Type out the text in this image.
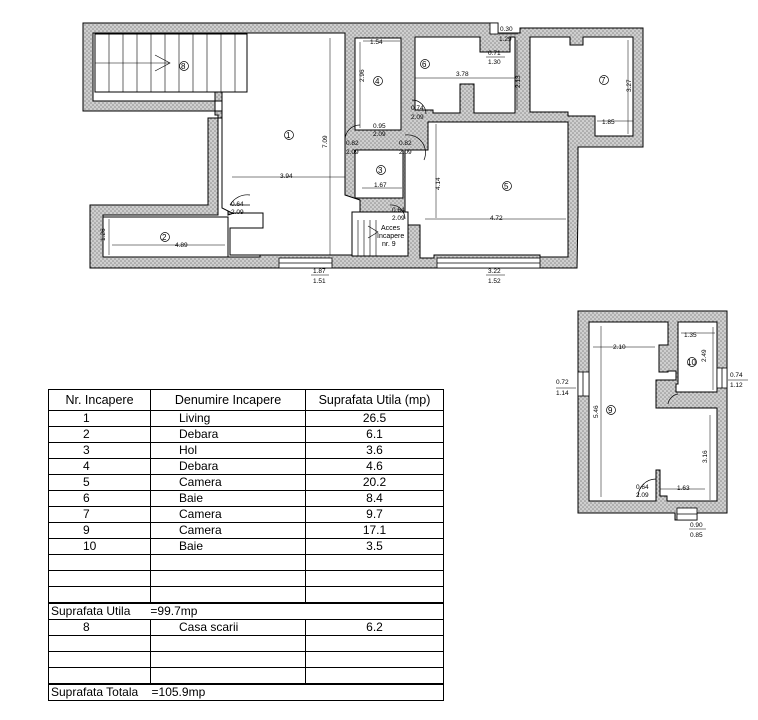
8
1
2
3
4
5
6
7
0.30
1.29
0.71
1.30
1.54
3.78
2.13	3.27
1.85
2.96
7.09
0.95
2.09
0.74
2.09
0.82
2.09
0.82
2.09
3.94
1.67	4.14
0.64
2.09	4.72
0.64
2.09
1.26
4.89
1.87
1.51
3.22
1.52
Acces
Incapere
nr. 9
9
10
1.35
2.10
2.49
0.72
1.14
0.74
1.12
5.46
3.16
0.64
2.09
1.63
0.90
0.85
Nr. Incapere	Denumire Incapere	Suprafata Utila (mp)
1	Living	26.5
2	Debara	6.1
3	Hol	3.6
4	Debara	4.6
5	Camera	20.2
6	Baie	8.4
7	Camera	9.7
9	Camera	17.1
10	Baie	3.5

Suprafata Utila =99.7mp		
8	Casa scarii	6.2

Suprafata Totala =105.9mp		
